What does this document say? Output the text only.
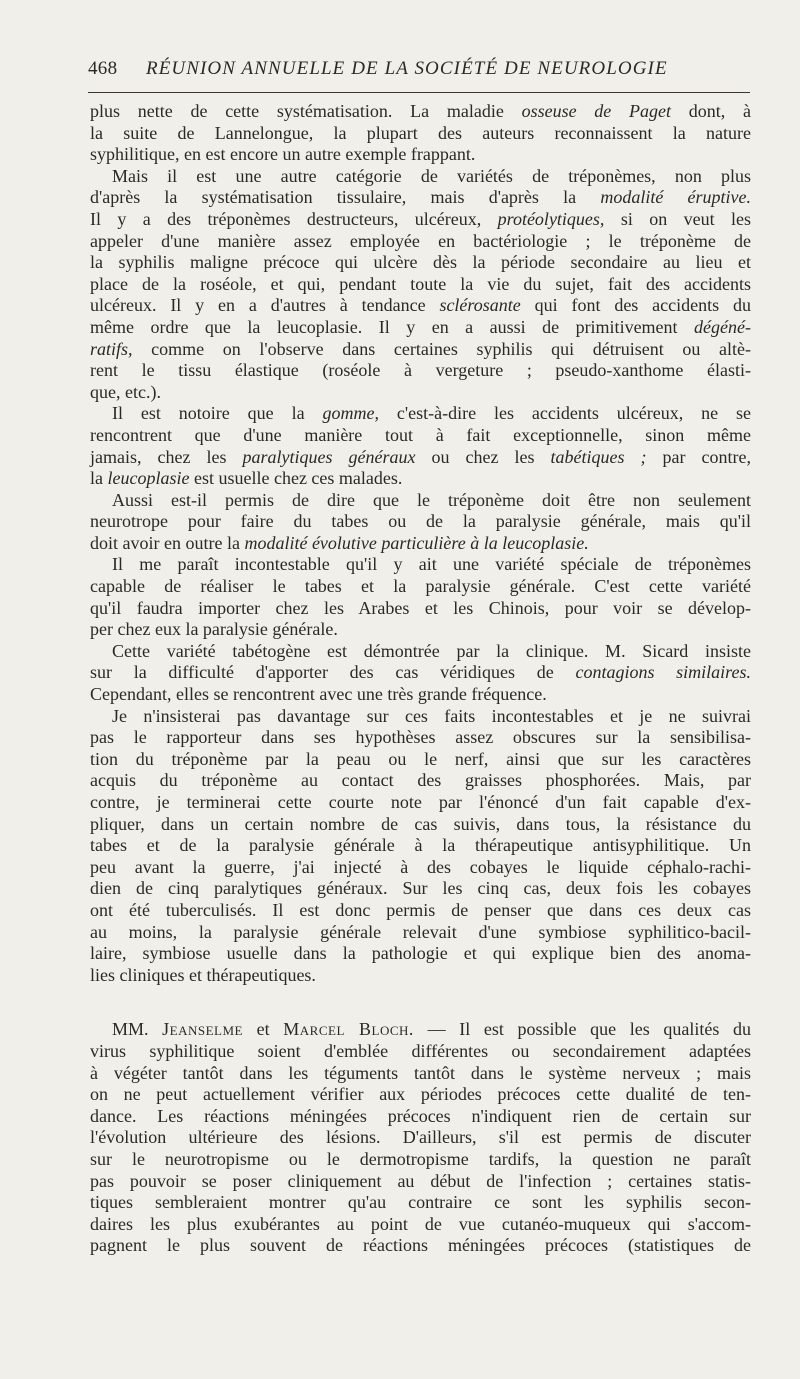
468 RÉUNION ANNUELLE DE LA SOCIÉTÉ DE NEUROLOGIE
plus nette de cette systématisation. La maladie osseuse de Paget dont, à
la suite de Lannelongue, la plupart des auteurs reconnaissent la nature
syphilitique, en est encore un autre exemple frappant.
Mais il est une autre catégorie de variétés de tréponèmes, non plus
d'après la systématisation tissulaire, mais d'après la modalité éruptive.
Il y a des tréponèmes destructeurs, ulcéreux, protéolytiques, si on veut les
appeler d'une manière assez employée en bactériologie ; le tréponème de
la syphilis maligne précoce qui ulcère dès la période secondaire au lieu et
place de la roséole, et qui, pendant toute la vie du sujet, fait des accidents
ulcéreux. Il y en a d'autres à tendance sclérosante qui font des accidents du
même ordre que la leucoplasie. Il y en a aussi de primitivement dégéné-
ratifs, comme on l'observe dans certaines syphilis qui détruisent ou altè-
rent le tissu élastique (roséole à vergeture ; pseudo-xanthome élasti-
que, etc.).
Il est notoire que la gomme, c'est-à-dire les accidents ulcéreux, ne se
rencontrent que d'une manière tout à fait exceptionnelle, sinon même
jamais, chez les paralytiques généraux ou chez les tabétiques ; par contre,
la leucoplasie est usuelle chez ces malades.
Aussi est-il permis de dire que le tréponème doit être non seulement
neurotrope pour faire du tabes ou de la paralysie générale, mais qu'il
doit avoir en outre la modalité évolutive particulière à la leucoplasie.
Il me paraît incontestable qu'il y ait une variété spéciale de tréponèmes
capable de réaliser le tabes et la paralysie générale. C'est cette variété
qu'il faudra importer chez les Arabes et les Chinois, pour voir se dévelop-
per chez eux la paralysie générale.
Cette variété tabétogène est démontrée par la clinique. M. Sicard insiste
sur la difficulté d'apporter des cas véridiques de contagions similaires.
Cependant, elles se rencontrent avec une très grande fréquence.
Je n'insisterai pas davantage sur ces faits incontestables et je ne suivrai
pas le rapporteur dans ses hypothèses assez obscures sur la sensibilisa-
tion du tréponème par la peau ou le nerf, ainsi que sur les caractères
acquis du tréponème au contact des graisses phosphorées. Mais, par
contre, je terminerai cette courte note par l'énoncé d'un fait capable d'ex-
pliquer, dans un certain nombre de cas suivis, dans tous, la résistance du
tabes et de la paralysie générale à la thérapeutique antisyphilitique. Un
peu avant la guerre, j'ai injecté à des cobayes le liquide céphalo-rachi-
dien de cinq paralytiques généraux. Sur les cinq cas, deux fois les cobayes
ont été tuberculisés. Il est donc permis de penser que dans ces deux cas
au moins, la paralysie générale relevait d'une symbiose syphilitico-bacil-
laire, symbiose usuelle dans la pathologie et qui explique bien des anoma-
lies cliniques et thérapeutiques.
MM. Jeanselme et Marcel Bloch. — Il est possible que les qualités du
virus syphilitique soient d'emblée différentes ou secondairement adaptées
à végéter tantôt dans les téguments tantôt dans le système nerveux ; mais
on ne peut actuellement vérifier aux périodes précoces cette dualité de ten-
dance. Les réactions méningées précoces n'indiquent rien de certain sur
l'évolution ultérieure des lésions. D'ailleurs, s'il est permis de discuter
sur le neurotropisme ou le dermotropisme tardifs, la question ne paraît
pas pouvoir se poser cliniquement au début de l'infection ; certaines statis-
tiques sembleraient montrer qu'au contraire ce sont les syphilis secon-
daires les plus exubérantes au point de vue cutanéo-muqueux qui s'accom-
pagnent le plus souvent de réactions méningées précoces (statistiques de
